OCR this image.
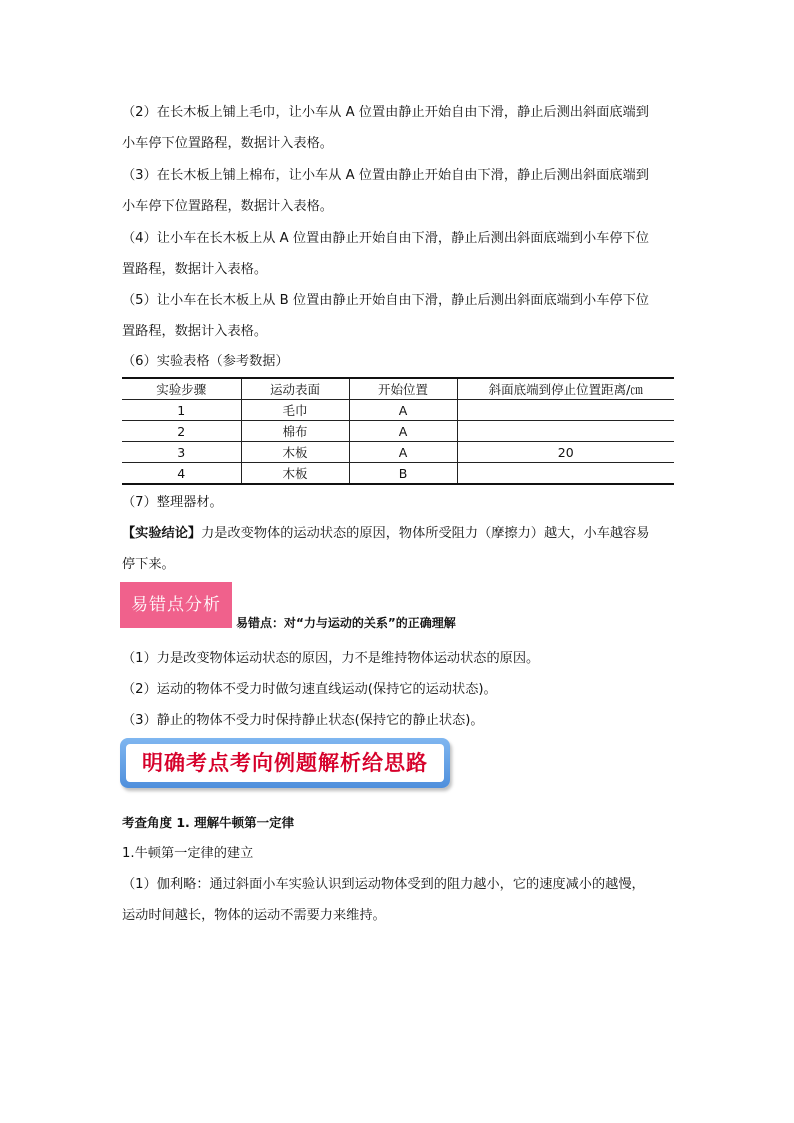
（2）在长木板上铺上毛巾，让小车从 A 位置由静止开始自由下滑，静止后测出斜面底端到
小车停下位置路程，数据计入表格。
（3）在长木板上铺上棉布，让小车从 A 位置由静止开始自由下滑，静止后测出斜面底端到
小车停下位置路程，数据计入表格。
（4）让小车在长木板上从 A 位置由静止开始自由下滑，静止后测出斜面底端到小车停下位
置路程，数据计入表格。
（5）让小车在长木板上从 B 位置由静止开始自由下滑，静止后测出斜面底端到小车停下位
置路程，数据计入表格。
（6）实验表格（参考数据）
实验步骤	运动表面	开始位置	斜面底端到停止位置距离/㎝
1	毛巾	A	
2	棉布	A	
3	木板	A	20
4	木板	B	
（7）整理器材。
【实验结论】力是改变物体的运动状态的原因，物体所受阻力（摩擦力）越大，小车越容易
停下来。
易错点分析
易错点：对“力与运动的关系”的正确理解
（1）力是改变物体运动状态的原因，力不是维持物体运动状态的原因。
（2）运动的物体不受力时做匀速直线运动(保持它的运动状态)。
（3）静止的物体不受力时保持静止状态(保持它的静止状态)。
明确考点考向例题解析给思路
考查角度 1. 理解牛顿第一定律
1.牛顿第一定律的建立
（1）伽利略：通过斜面小车实验认识到运动物体受到的阻力越小，它的速度减小的越慢，
运动时间越长，物体的运动不需要力来维持。
